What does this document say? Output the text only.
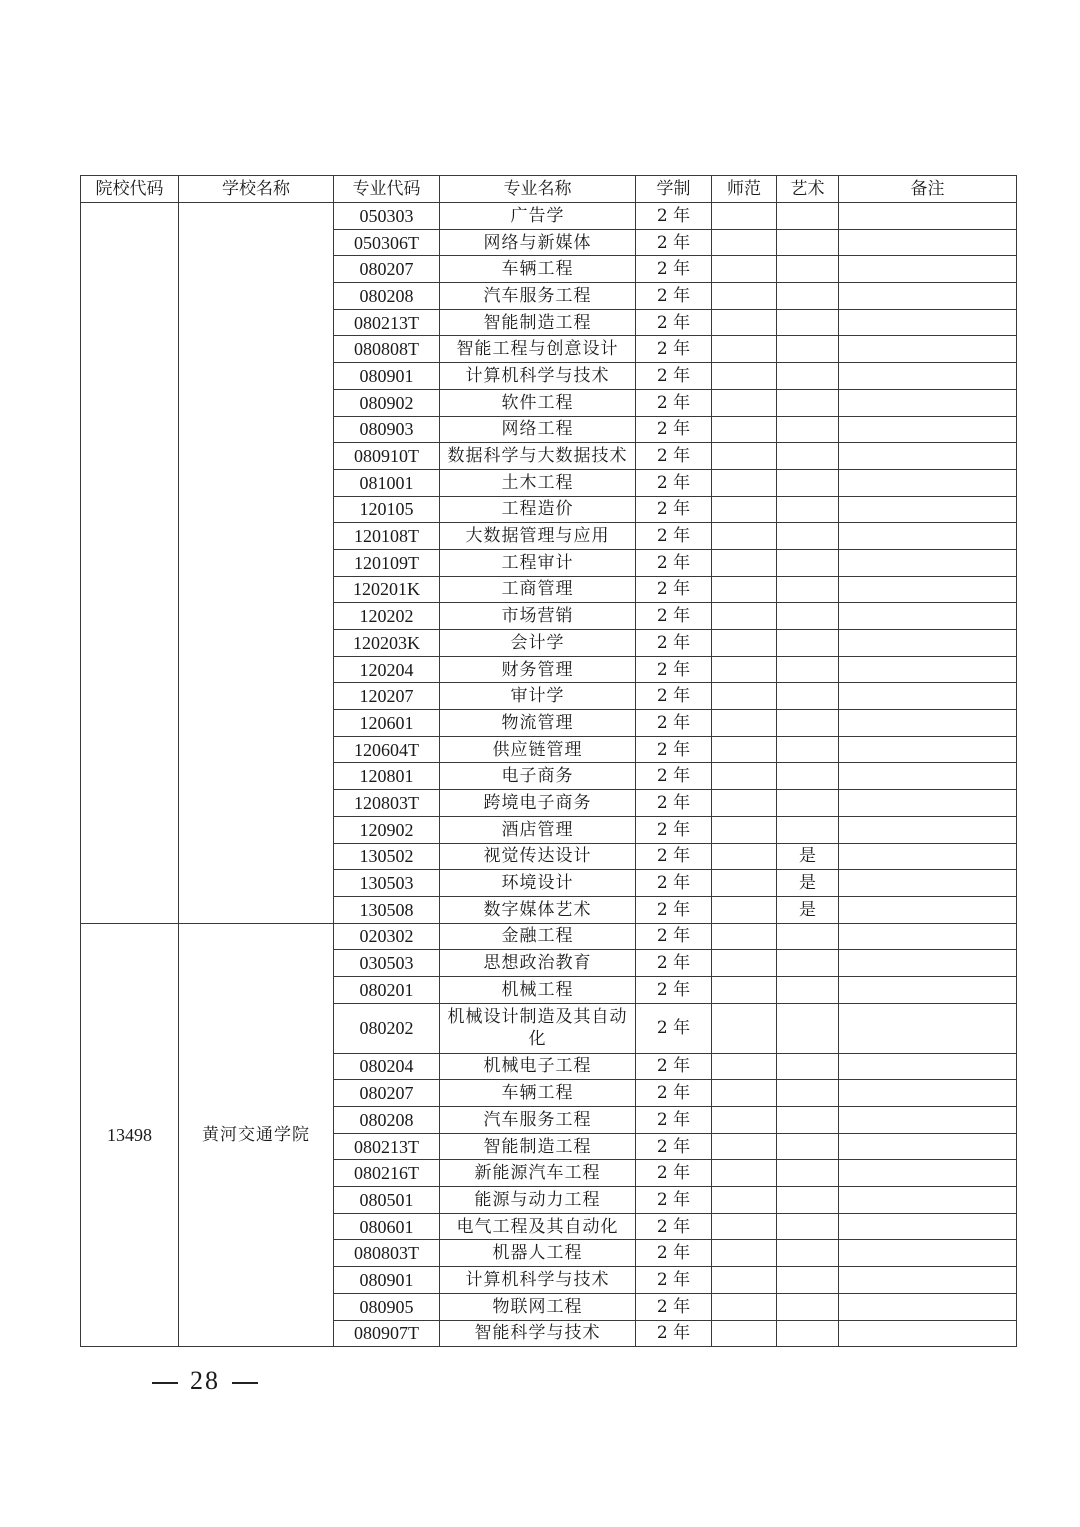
院校代码	学校名称	专业代码	专业名称	学制	师范	艺术	备注
		050303	广告学	2 年			
		050306T	网络与新媒体	2 年			
		080207	车辆工程	2 年			
		080208	汽车服务工程	2 年			
		080213T	智能制造工程	2 年			
		080808T	智能工程与创意设计	2 年			
		080901	计算机科学与技术	2 年			
		080902	软件工程	2 年			
		080903	网络工程	2 年			
		080910T	数据科学与大数据技术	2 年			
		081001	土木工程	2 年			
		120105	工程造价	2 年			
		120108T	大数据管理与应用	2 年			
		120109T	工程审计	2 年			
		120201K	工商管理	2 年			
		120202	市场营销	2 年			
		120203K	会计学	2 年			
		120204	财务管理	2 年			
		120207	审计学	2 年			
		120601	物流管理	2 年			
		120604T	供应链管理	2 年			
		120801	电子商务	2 年			
		120803T	跨境电子商务	2 年			
		120902	酒店管理	2 年			
		130502	视觉传达设计	2 年		是	
		130503	环境设计	2 年		是	
		130508	数字媒体艺术	2 年		是	
13498	黄河交通学院	020302	金融工程	2 年			
		030503	思想政治教育	2 年			
		080201	机械工程	2 年			
		080202	机械设计制造及其自动化	2 年			
		080204	机械电子工程	2 年			
		080207	车辆工程	2 年			
		080208	汽车服务工程	2 年			
		080213T	智能制造工程	2 年			
		080216T	新能源汽车工程	2 年			
		080501	能源与动力工程	2 年			
		080601	电气工程及其自动化	2 年			
		080803T	机器人工程	2 年			
		080901	计算机科学与技术	2 年			
		080905	物联网工程	2 年			
		080907T	智能科学与技术	2 年			
28
